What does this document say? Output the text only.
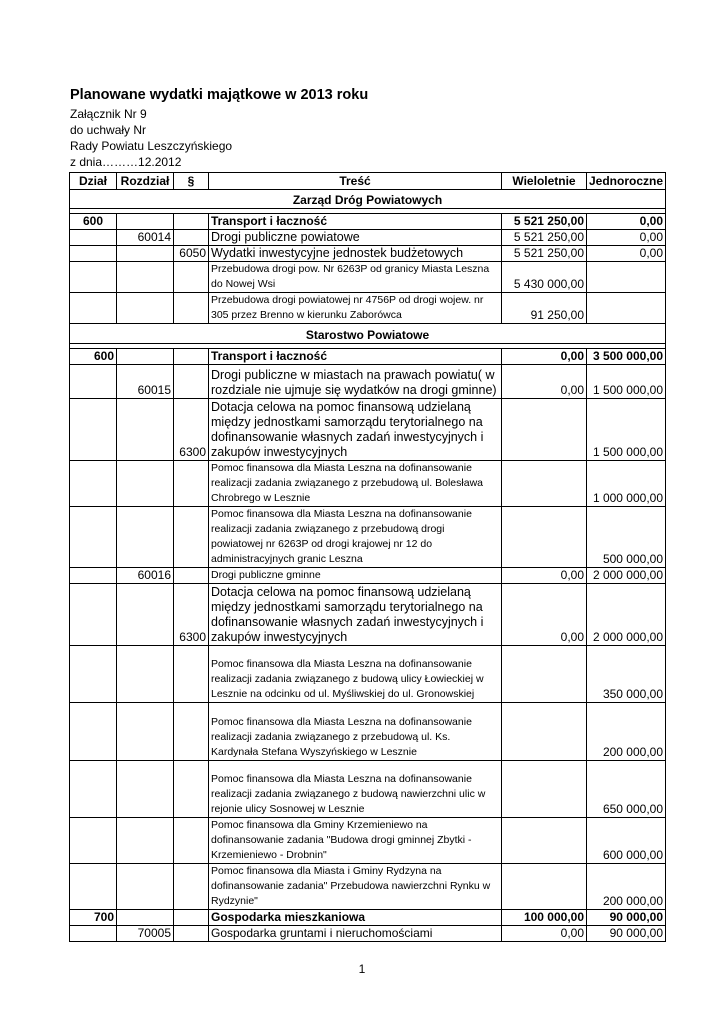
Planowane wydatki majątkowe w 2013 roku
Załącznik Nr 9
do uchwały Nr
Rady Powiatu Leszczyńskiego
z dnia………12.2012
Dział	Rozdział	§	Treść	Wieloletnie	Jednoroczne
Zarząd Dróg Powiatowych					

600			Transport i łaczność	5 521 250,00	0,00
	60014		Drogi publiczne powiatowe	5 521 250,00	0,00
		6050	Wydatki inwestycyjne jednostek budżetowych	5 521 250,00	0,00
			Przebudowa drogi pow. Nr 6263P od granicy Miasta Leszna do Nowej Wsi	5 430 000,00	
			Przebudowa drogi powiatowej nr 4756P od drogi wojew. nr 305 przez Brenno w kierunku Zaborówca	91 250,00	
Starostwo Powiatowe					

600			Transport i łaczność	0,00	3 500 000,00
	60015		Drogi publiczne w miastach na prawach powiatu( w rozdziale nie ujmuje się wydatków na drogi gminne)	0,00	1 500 000,00
		6300	Dotacja celowa na pomoc finansową udzielaną między jednostkami samorządu terytorialnego na dofinansowanie własnych zadań inwestycyjnych i zakupów inwestycyjnych		1 500 000,00
			Pomoc finansowa dla Miasta Leszna na dofinansowanie realizacji zadania związanego z przebudową ul. Bolesława Chrobrego w Lesznie		1 000 000,00
			Pomoc finansowa dla Miasta Leszna na dofinansowanie realizacji zadania związanego z przebudową drogi powiatowej nr 6263P od drogi krajowej nr 12 do administracyjnych granic Leszna		500 000,00
	60016		Drogi publiczne gminne	0,00	2 000 000,00
		6300	Dotacja celowa na pomoc finansową udzielaną między jednostkami samorządu terytorialnego na dofinansowanie własnych zadań inwestycyjnych i zakupów inwestycyjnych	0,00	2 000 000,00
			Pomoc finansowa dla Miasta Leszna na dofinansowanie realizacji zadania związanego z budową ulicy Łowieckiej w Lesznie na odcinku od ul. Myśliwskiej do ul. Gronowskiej		350 000,00
			Pomoc finansowa dla Miasta Leszna na dofinansowanie realizacji zadania związanego z przebudową ul. Ks. Kardynała Stefana Wyszyńskiego w Lesznie		200 000,00
			Pomoc finansowa dla Miasta Leszna na dofinansowanie realizacji zadania związanego z budową nawierzchni ulic w rejonie ulicy Sosnowej w Lesznie		650 000,00
			Pomoc finansowa dla Gminy Krzemieniewo na dofinansowanie zadania "Budowa drogi gminnej Zbytki - Krzemieniewo - Drobnin"		600 000,00
			Pomoc finansowa dla Miasta i Gminy Rydzyna na dofinansowanie zadania" Przebudowa nawierzchni Rynku w Rydzynie"		200 000,00
700			Gospodarka mieszkaniowa	100 000,00	90 000,00
	70005		Gospodarka gruntami i nieruchomościami	0,00	90 000,00
1
